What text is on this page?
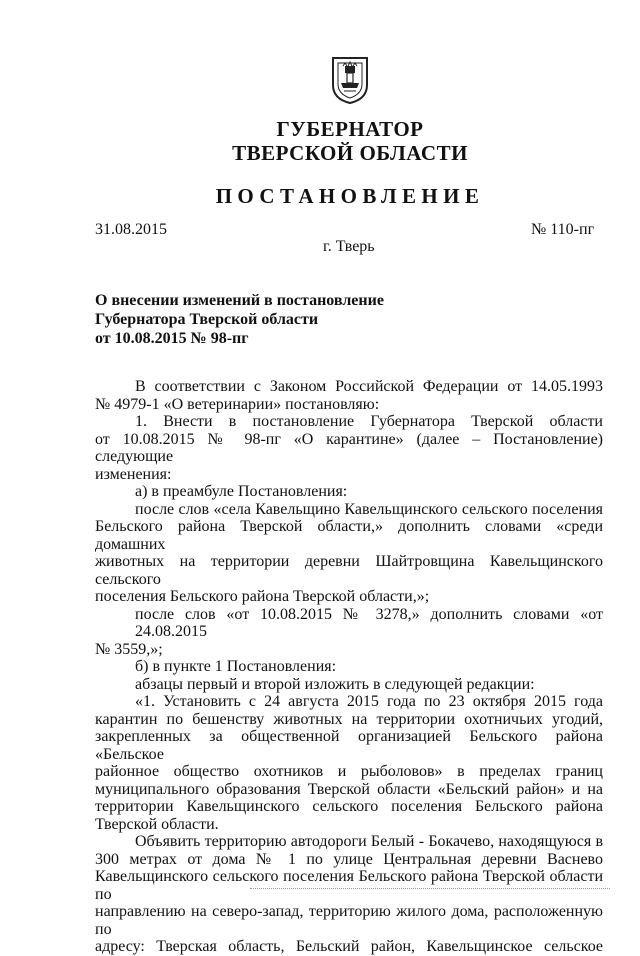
ГУБЕРНАТОР
ТВЕРСКОЙ ОБЛАСТИ
ПОСТАНОВЛЕНИЕ
31.08.2015	№ 110-пг
г. Тверь
О внесении изменений в постановление
Губернатора Тверской области
от 10.08.2015 № 98-пг
В соответствии с Законом Российской Федерации от 14.05.1993
№ 4979-1 «О ветеринарии» постановляю:
1. Внести в постановление Губернатора Тверской области
от 10.08.2015 № 98-пг «О карантине» (далее – Постановление) следующие
изменения:
а) в преамбуле Постановления:
после слов «села Кавельщино Кавельщинского сельского поселения
Бельского района Тверской области,» дополнить словами «среди домашних
животных на территории деревни Шайтровщина Кавельщинского сельского
поселения Бельского района Тверской области,»;
после слов «от 10.08.2015 № 3278,» дополнить словами «от 24.08.2015
№ 3559,»;
б) в пункте 1 Постановления:
абзацы первый и второй изложить в следующей редакции:
«1. Установить с 24 августа 2015 года по 23 октября 2015 года
карантин по бешенству животных на территории охотничьих угодий,
закрепленных за общественной организацией Бельского района «Бельское
районное общество охотников и рыболовов» в пределах границ
муниципального образования Тверской области «Бельский район» и на
территории Кавельщинского сельского поселения Бельского района
Тверской области.
Объявить территорию автодороги Белый - Бокачево, находящуюся в
300 метрах от дома № 1 по улице Центральная деревни Васнево
Кавельщинского сельского поселения Бельского района Тверской области по
направлению на северо-запад, территорию жилого дома, расположенную по
адресу: Тверская область, Бельский район, Кавельщинское сельское
